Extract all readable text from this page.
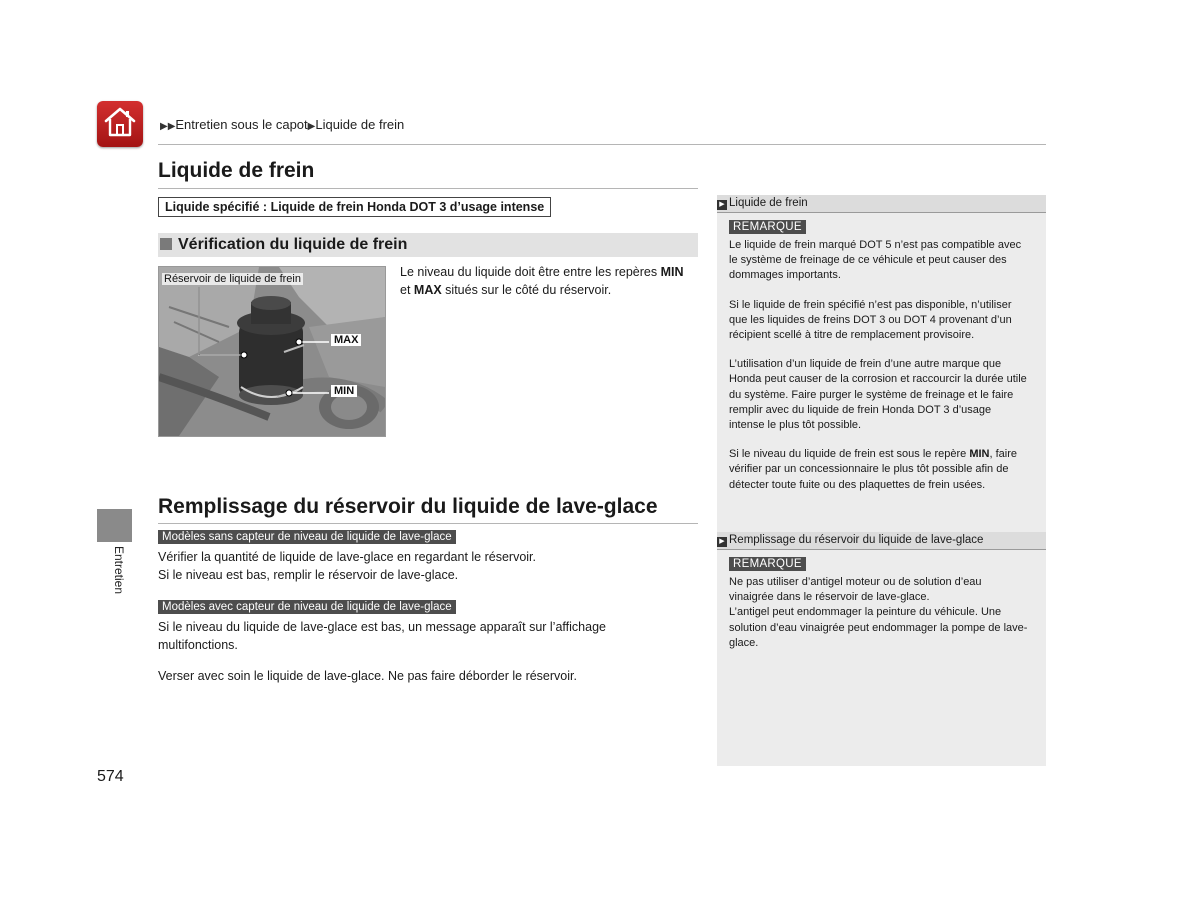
▶▶Entretien sous le capot▶Liquide de frein
Liquide de frein
Liquide spécifié : Liquide de frein Honda DOT 3 d’usage intense
Vérification du liquide de frein
Réservoir de liquide de frein
MAX
MIN
Le niveau du liquide doit être entre les repères MIN
et MAX situés sur le côté du réservoir.
Remplissage du réservoir du liquide de lave-glace
Modèles sans capteur de niveau de liquide de lave-glace
Vérifier la quantité de liquide de lave-glace en regardant le réservoir.
Si le niveau est bas, remplir le réservoir de lave-glace.
Modèles avec capteur de niveau de liquide de lave-glace
Si le niveau du liquide de lave-glace est bas, un message apparaît sur l’affichage multifonctions.
Verser avec soin le liquide de lave-glace. Ne pas faire déborder le réservoir.
▶ Liquide de frein
REMARQUE

Le liquide de frein marqué DOT 5 n’est pas compatible avec le système de freinage de ce véhicule et peut causer des dommages importants.

Si le liquide de frein spécifié n’est pas disponible, n’utiliser que les liquides de freins DOT 3 ou DOT 4 provenant d’un récipient scellé à titre de remplacement provisoire.

L’utilisation d’un liquide de frein d’une autre marque que Honda peut causer de la corrosion et raccourcir la durée utile du système. Faire purger le système de freinage et le faire remplir avec du liquide de frein Honda DOT 3 d’usage intense le plus tôt possible.

Si le niveau du liquide de frein est sous le repère MIN, faire vérifier par un concessionnaire le plus tôt possible afin de détecter toute fuite ou des plaquettes de frein usées.

▶ Remplissage du réservoir du liquide de lave-glace
REMARQUE
Ne pas utiliser d’antigel moteur ou de solution d’eau vinaigrée dans le réservoir de lave-glace.
L’antigel peut endommager la peinture du véhicule. Une solution d’eau vinaigrée peut endommager la pompe de lave-glace.
Entretien
574
